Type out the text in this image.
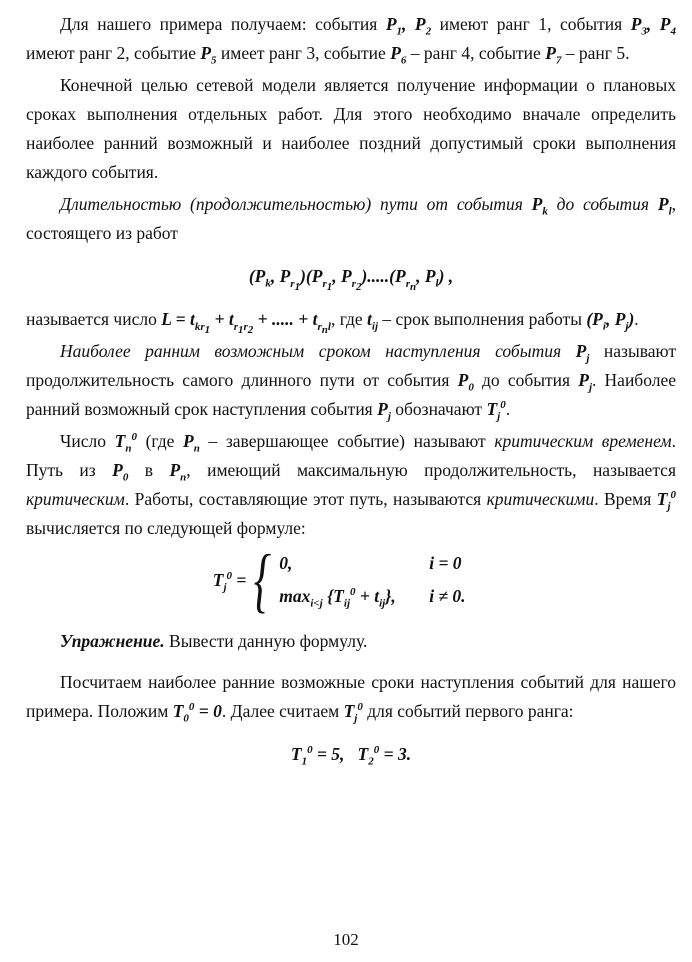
Для нашего примера получаем: события $P_1$, $P_2$ имеют ранг 1, события $P_3$, $P_4$ имеют ранг 2, событие $P_5$ имеет ранг 3, событие $P_6$ – ранг 4, событие $P_7$ – ранг 5.

Конечной целью сетевой модели является получение информации о плановых сроках выполнения отдельных работ. Для этого необходимо вначале определить наиболее ранний возможный и наиболее поздний допустимый сроки выполнения каждого события.

Длительностью (продолжительностью) пути от события $P_k$ до события $P_l$, состоящего из работ

($P_k$, $P_{r_1})(P_{r_1}$, $P_{r_2}).....(P_{r_n}$, $P_l$) ,

называется число $L = t_{kr_1} + t_{r_1r_2}$ + ..... + $t_{r_nl}$, где $t_{ij}$ – срок выполнения работы ($P_i$, $P_j$).

Наиболее ранним возможным сроком наступления события $P_j$ называют продолжительность самого длинного пути от события $P_0$ до события $P_j$. Наиболее ранний возможный срок наступления события $P_j$ обозначают $T_j^0$.

Число $T_n^0$ (где $P_n$ – завершающее событие) называют критическим временем. Путь из $P_0$ в $P_n$, имеющий максимальную продолжительность, называется критическим. Работы, составляющие этот путь, называются критическими. Время $T_j^0$ вычисляется по следующей формуле:

$T_j^0$ = { 0,	i = 0
$\max_{i<j} \{T_{ij}^0 + t_{ij}\}$,	i ≠ 0.

Упражнение. Вывести данную формулу.

Посчитаем наиболее ранние возможные сроки наступления событий для нашего примера. Положим $T_0^0 = 0$. Далее считаем $T_j^0$ для событий первого ранга:

$T_1^0 = 5$,   $T_2^0 = 3$.
102
